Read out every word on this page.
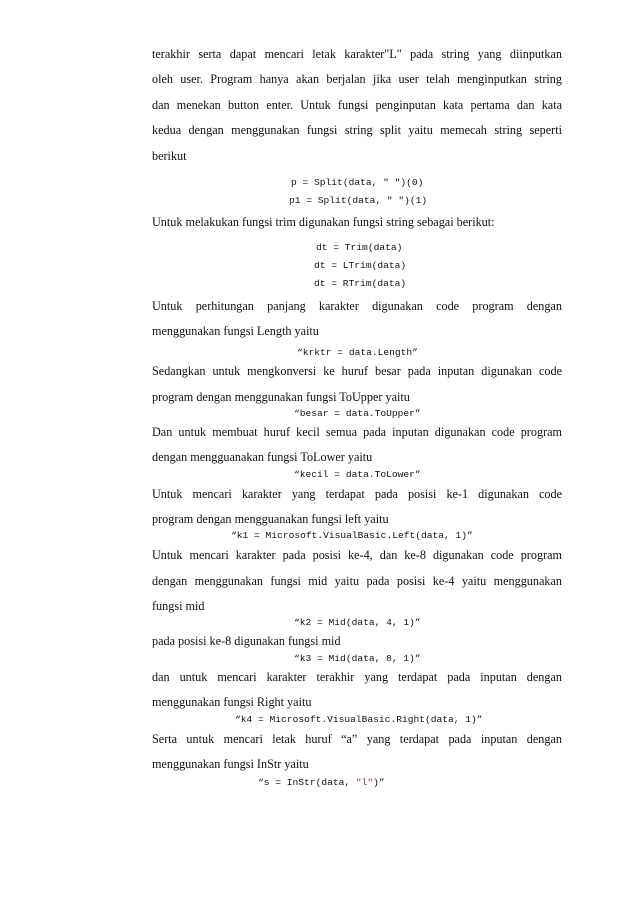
terakhir serta dapat mencari letak karakter"L" pada string yang diinputkan

oleh user. Program hanya akan berjalan jika user telah menginputkan string

dan menekan button enter. Untuk fungsi penginputan kata pertama dan kata

kedua dengan menggunakan fungsi string split yaitu memecah string seperti

berikut

p = Split(data, " ")(0)
p1 = Split(data, " ")(1)

Untuk melakukan fungsi trim digunakan fungsi string sebagai berikut:

dt = Trim(data)
dt = LTrim(data)
dt = RTrim(data)

Untuk perhitungan panjang karakter digunakan code program dengan

menggunakan fungsi Length yaitu

“krktr = data.Length”

Sedangkan untuk mengkonversi ke huruf besar pada inputan digunakan code

program dengan menggunakan fungsi ToUpper yaitu

“besar = data.ToUpper”

Dan untuk membuat huruf kecil semua pada inputan digunakan code program

dengan mengguanakan fungsi ToLower yaitu

“kecil = data.ToLower”

Untuk mencari karakter yang terdapat pada posisi ke-1 digunakan code

program dengan mengguanakan fungsi left yaitu

“k1 = Microsoft.VisualBasic.Left(data, 1)”

Untuk mencari karakter pada posisi ke-4, dan ke-8 digunakan code program

dengan menggunakan fungsi mid yaitu pada posisi ke-4 yaitu menggunakan

fungsi mid

“k2 = Mid(data, 4, 1)”

pada posisi ke-8 digunakan fungsi mid

“k3 = Mid(data, 8, 1)”

dan untuk mencari karakter terakhir yang terdapat pada inputan dengan

menggunakan fungsi Right yaitu

“k4 = Microsoft.VisualBasic.Right(data, 1)”

Serta untuk mencari letak huruf “a” yang terdapat pada inputan dengan

menggunakan fungsi InStr yaitu

“s = InStr(data, "l")”
